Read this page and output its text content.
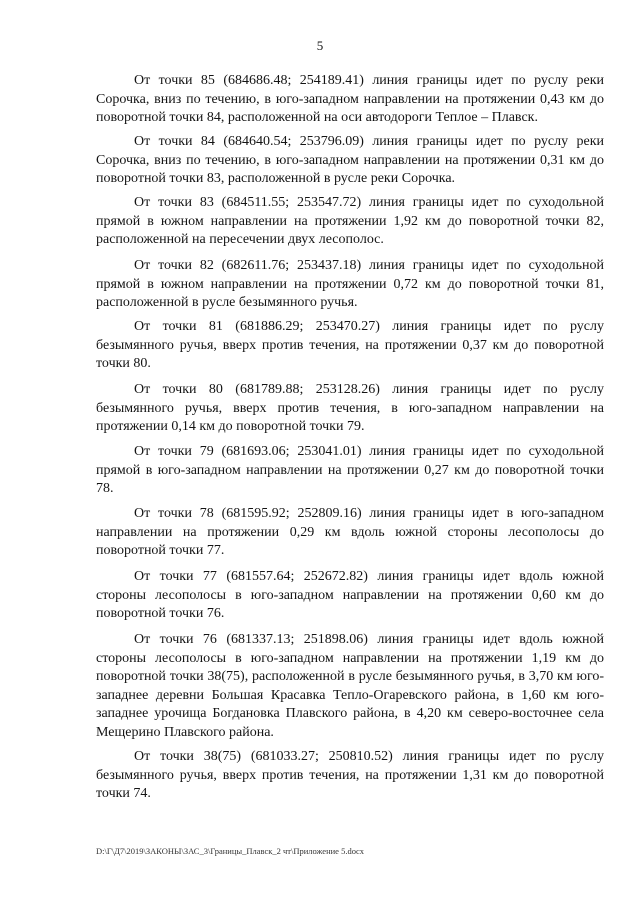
5

От точки 85 (684686.48; 254189.41) линия границы идет по руслу реки Сорочка, вниз по течению, в юго-западном направлении на протяжении 0,43 км до поворотной точки 84, расположенной на оси автодороги Теплое – Плавск.

От точки 84 (684640.54; 253796.09) линия границы идет по руслу реки Сорочка, вниз по течению, в юго-западном направлении на протяжении 0,31 км до поворотной точки 83, расположенной в русле реки Сорочка.

От точки 83 (684511.55; 253547.72) линия границы идет по суходольной прямой в южном направлении на протяжении 1,92 км до поворотной точки 82, расположенной на пересечении двух лесополос.

От точки 82 (682611.76; 253437.18) линия границы идет по суходольной прямой в южном направлении на протяжении 0,72 км до поворотной точки 81, расположенной в русле безымянного ручья.

От точки 81 (681886.29; 253470.27) линия границы идет по руслу безымянного ручья, вверх против течения, на протяжении 0,37 км до поворотной точки 80.

От точки 80 (681789.88; 253128.26) линия границы идет по руслу безымянного ручья, вверх против течения, в юго-западном направлении на протяжении 0,14 км до поворотной точки 79.

От точки 79 (681693.06; 253041.01) линия границы идет по суходольной прямой в юго-западном направлении на протяжении 0,27 км до поворотной точки 78.

От точки 78 (681595.92; 252809.16) линия границы идет в юго-западном направлении на протяжении 0,29 км вдоль южной стороны лесополосы до поворотной точки 77.

От точки 77 (681557.64; 252672.82) линия границы идет вдоль южной стороны лесополосы в юго-западном направлении на протяжении 0,60 км до поворотной точки 76.

От точки 76 (681337.13; 251898.06) линия границы идет вдоль южной стороны лесополосы в юго-западном направлении на протяжении 1,19 км до поворотной точки 38(75), расположенной в русле безымянного ручья, в 3,70 км юго-западнее деревни Большая Красавка Тепло-Огаревского района, в 1,60 км юго-западнее урочища Богдановка Плавского района, в 4,20 км северо-восточнее села Мещерино Плавского района.

От точки 38(75) (681033.27; 250810.52) линия границы идет по руслу безымянного ручья, вверх против течения, на протяжении 1,31 км до поворотной точки 74.

D:\Г\Д7\2019\ЗАКОНЫ\ЗАС_3\Границы_Плавск_2 чт\Приложение 5.docx
